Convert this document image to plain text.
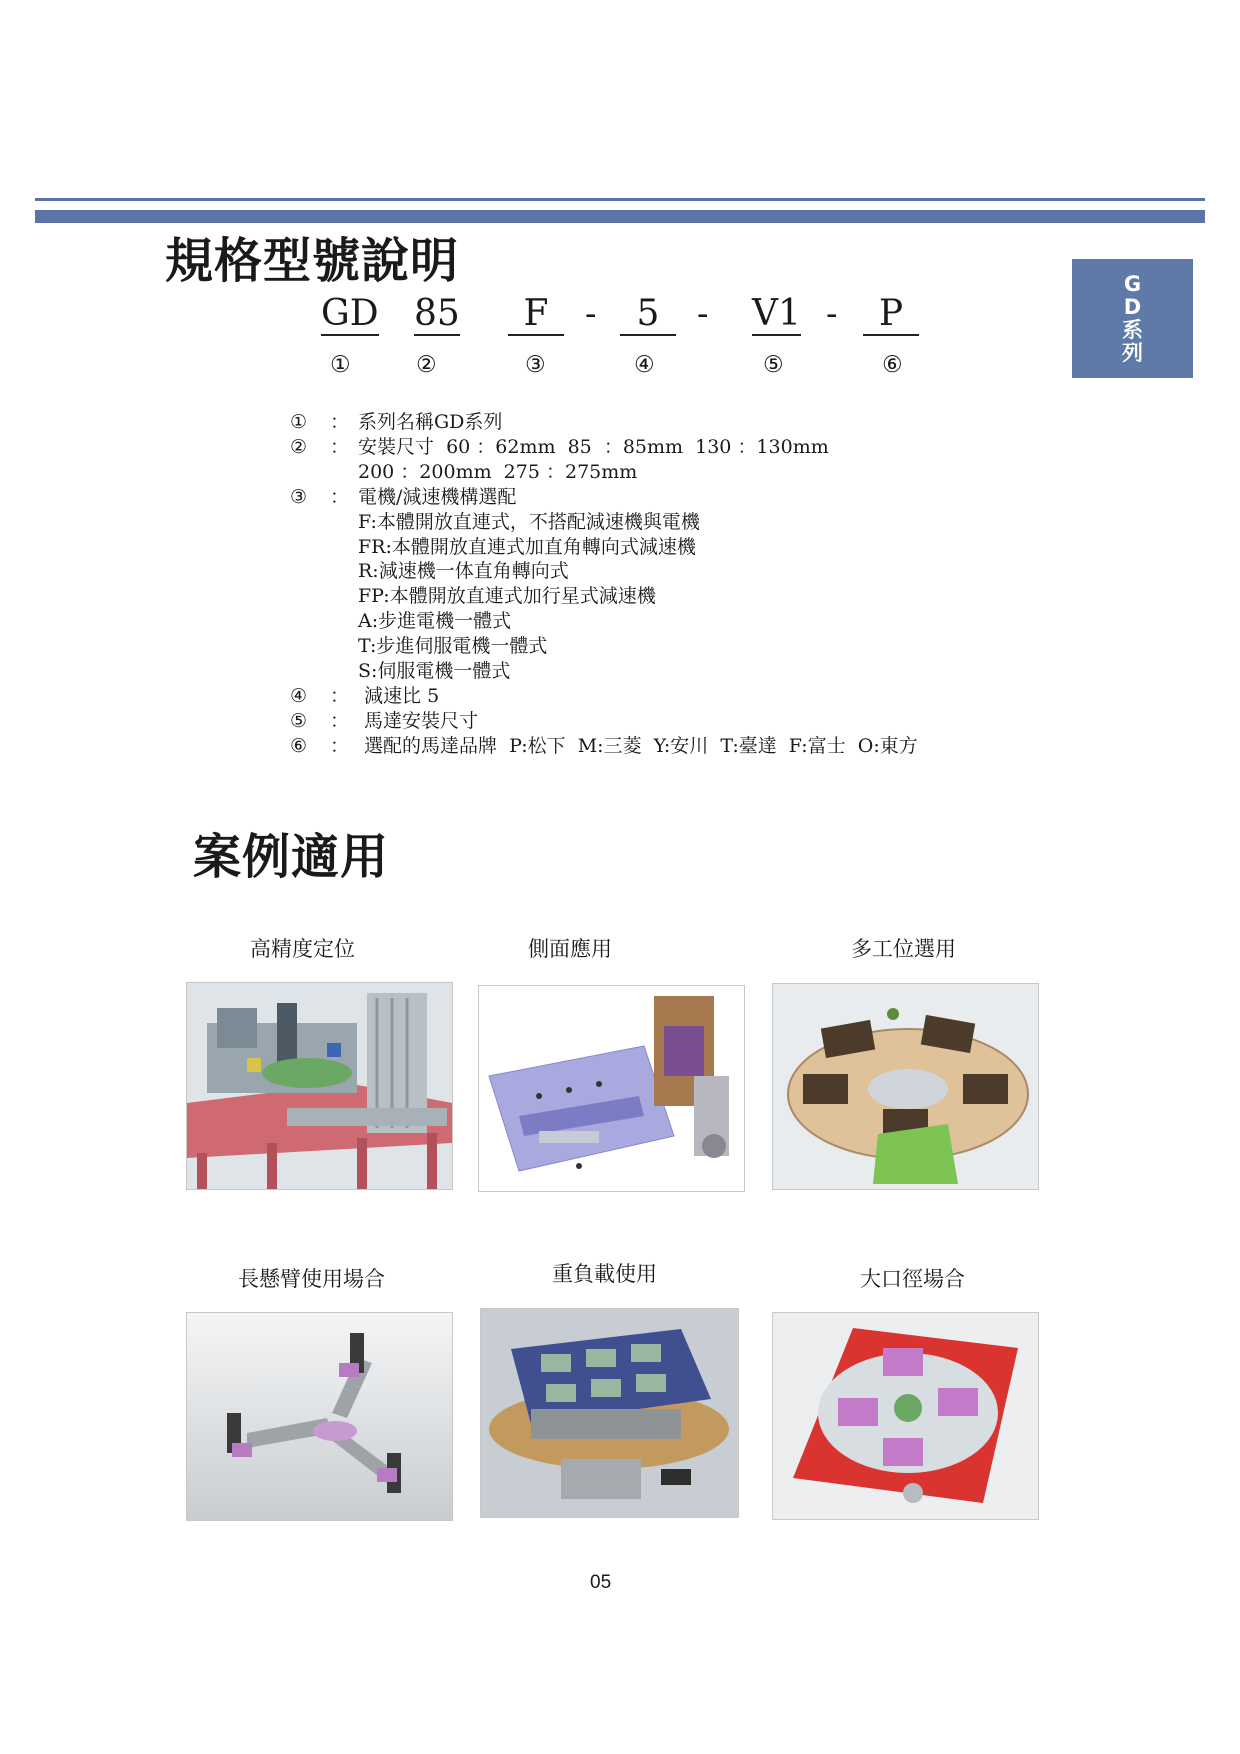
G
D
系
列
規格型號說明
GD 85	F	-	5	- V1 -	P
①	②	③	④	⑤	⑥
①	： 系列名稱GD系列
②	： 安裝尺寸  60 ：62mm  85  ：85mm  130 ：130mm
200 ：200mm  275 ：275mm
③	： 電機/減速機構選配
F:本體開放直連式，不搭配減速機與電機
FR:本體開放直連式加直角轉向式減速機
R:減速機一体直角轉向式
FP:本體開放直連式加行星式減速機
A:步進電機一體式
T:步進伺服電機一體式
S:伺服電機一體式
④	： 減速比 5
⑤	： 馬達安裝尺寸
⑥	： 選配的馬達品牌  P:松下  M:三菱  Y:安川  T:臺達  F:富士  O:東方
案例適用
高精度定位	側面應用	多工位選用
長懸臂使用場合	重負載使用	大口徑場合
05
